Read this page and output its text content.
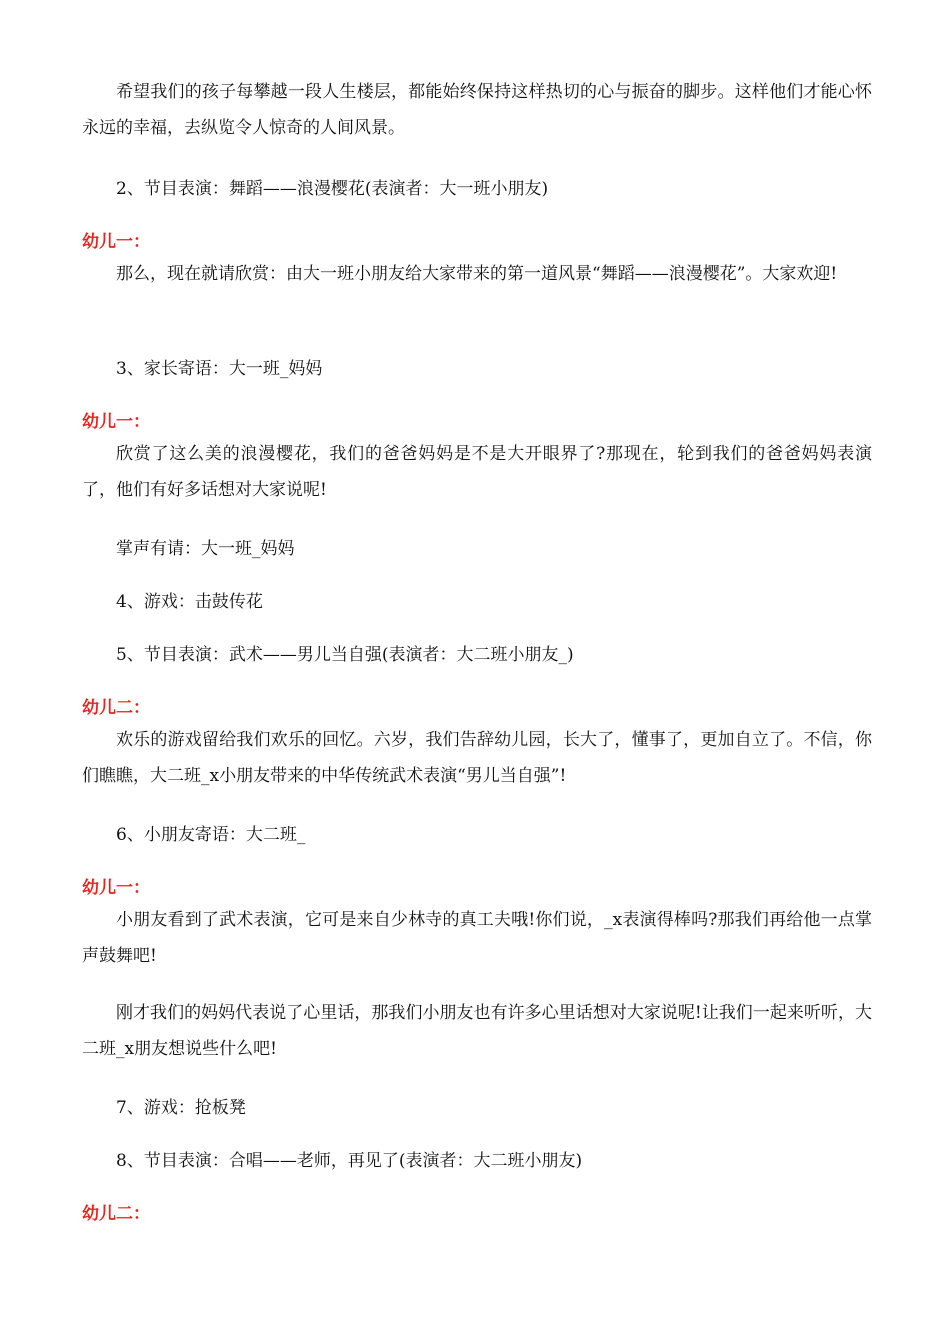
希望我们的孩子每攀越一段人生楼层，都能始终保持这样热切的心与振奋的脚步。这样他们才能心怀永远的幸福，去纵览令人惊奇的人间风景。

2、节目表演：舞蹈——浪漫樱花(表演者：大一班小朋友)

幼儿一：

那么，现在就请欣赏：由大一班小朋友给大家带来的第一道风景“舞蹈——浪漫樱花”。大家欢迎!

3、家长寄语：大一班_妈妈

幼儿一：

欣赏了这么美的浪漫樱花，我们的爸爸妈妈是不是大开眼界了?那现在，轮到我们的爸爸妈妈表演了，他们有好多话想对大家说呢!

掌声有请：大一班_妈妈

4、游戏：击鼓传花

5、节目表演：武术——男儿当自强(表演者：大二班小朋友_)

幼儿二：

欢乐的游戏留给我们欢乐的回忆。六岁，我们告辞幼儿园，长大了，懂事了，更加自立了。不信，你们瞧瞧，大二班_x小朋友带来的中华传统武术表演“男儿当自强”!

6、小朋友寄语：大二班_

幼儿一：

小朋友看到了武术表演，它可是来自少林寺的真工夫哦!你们说，_x表演得棒吗?那我们再给他一点掌声鼓舞吧!

刚才我们的妈妈代表说了心里话，那我们小朋友也有许多心里话想对大家说呢!让我们一起来听听，大二班_x朋友想说些什么吧!

7、游戏：抢板凳

8、节目表演：合唱——老师，再见了(表演者：大二班小朋友)

幼儿二：
